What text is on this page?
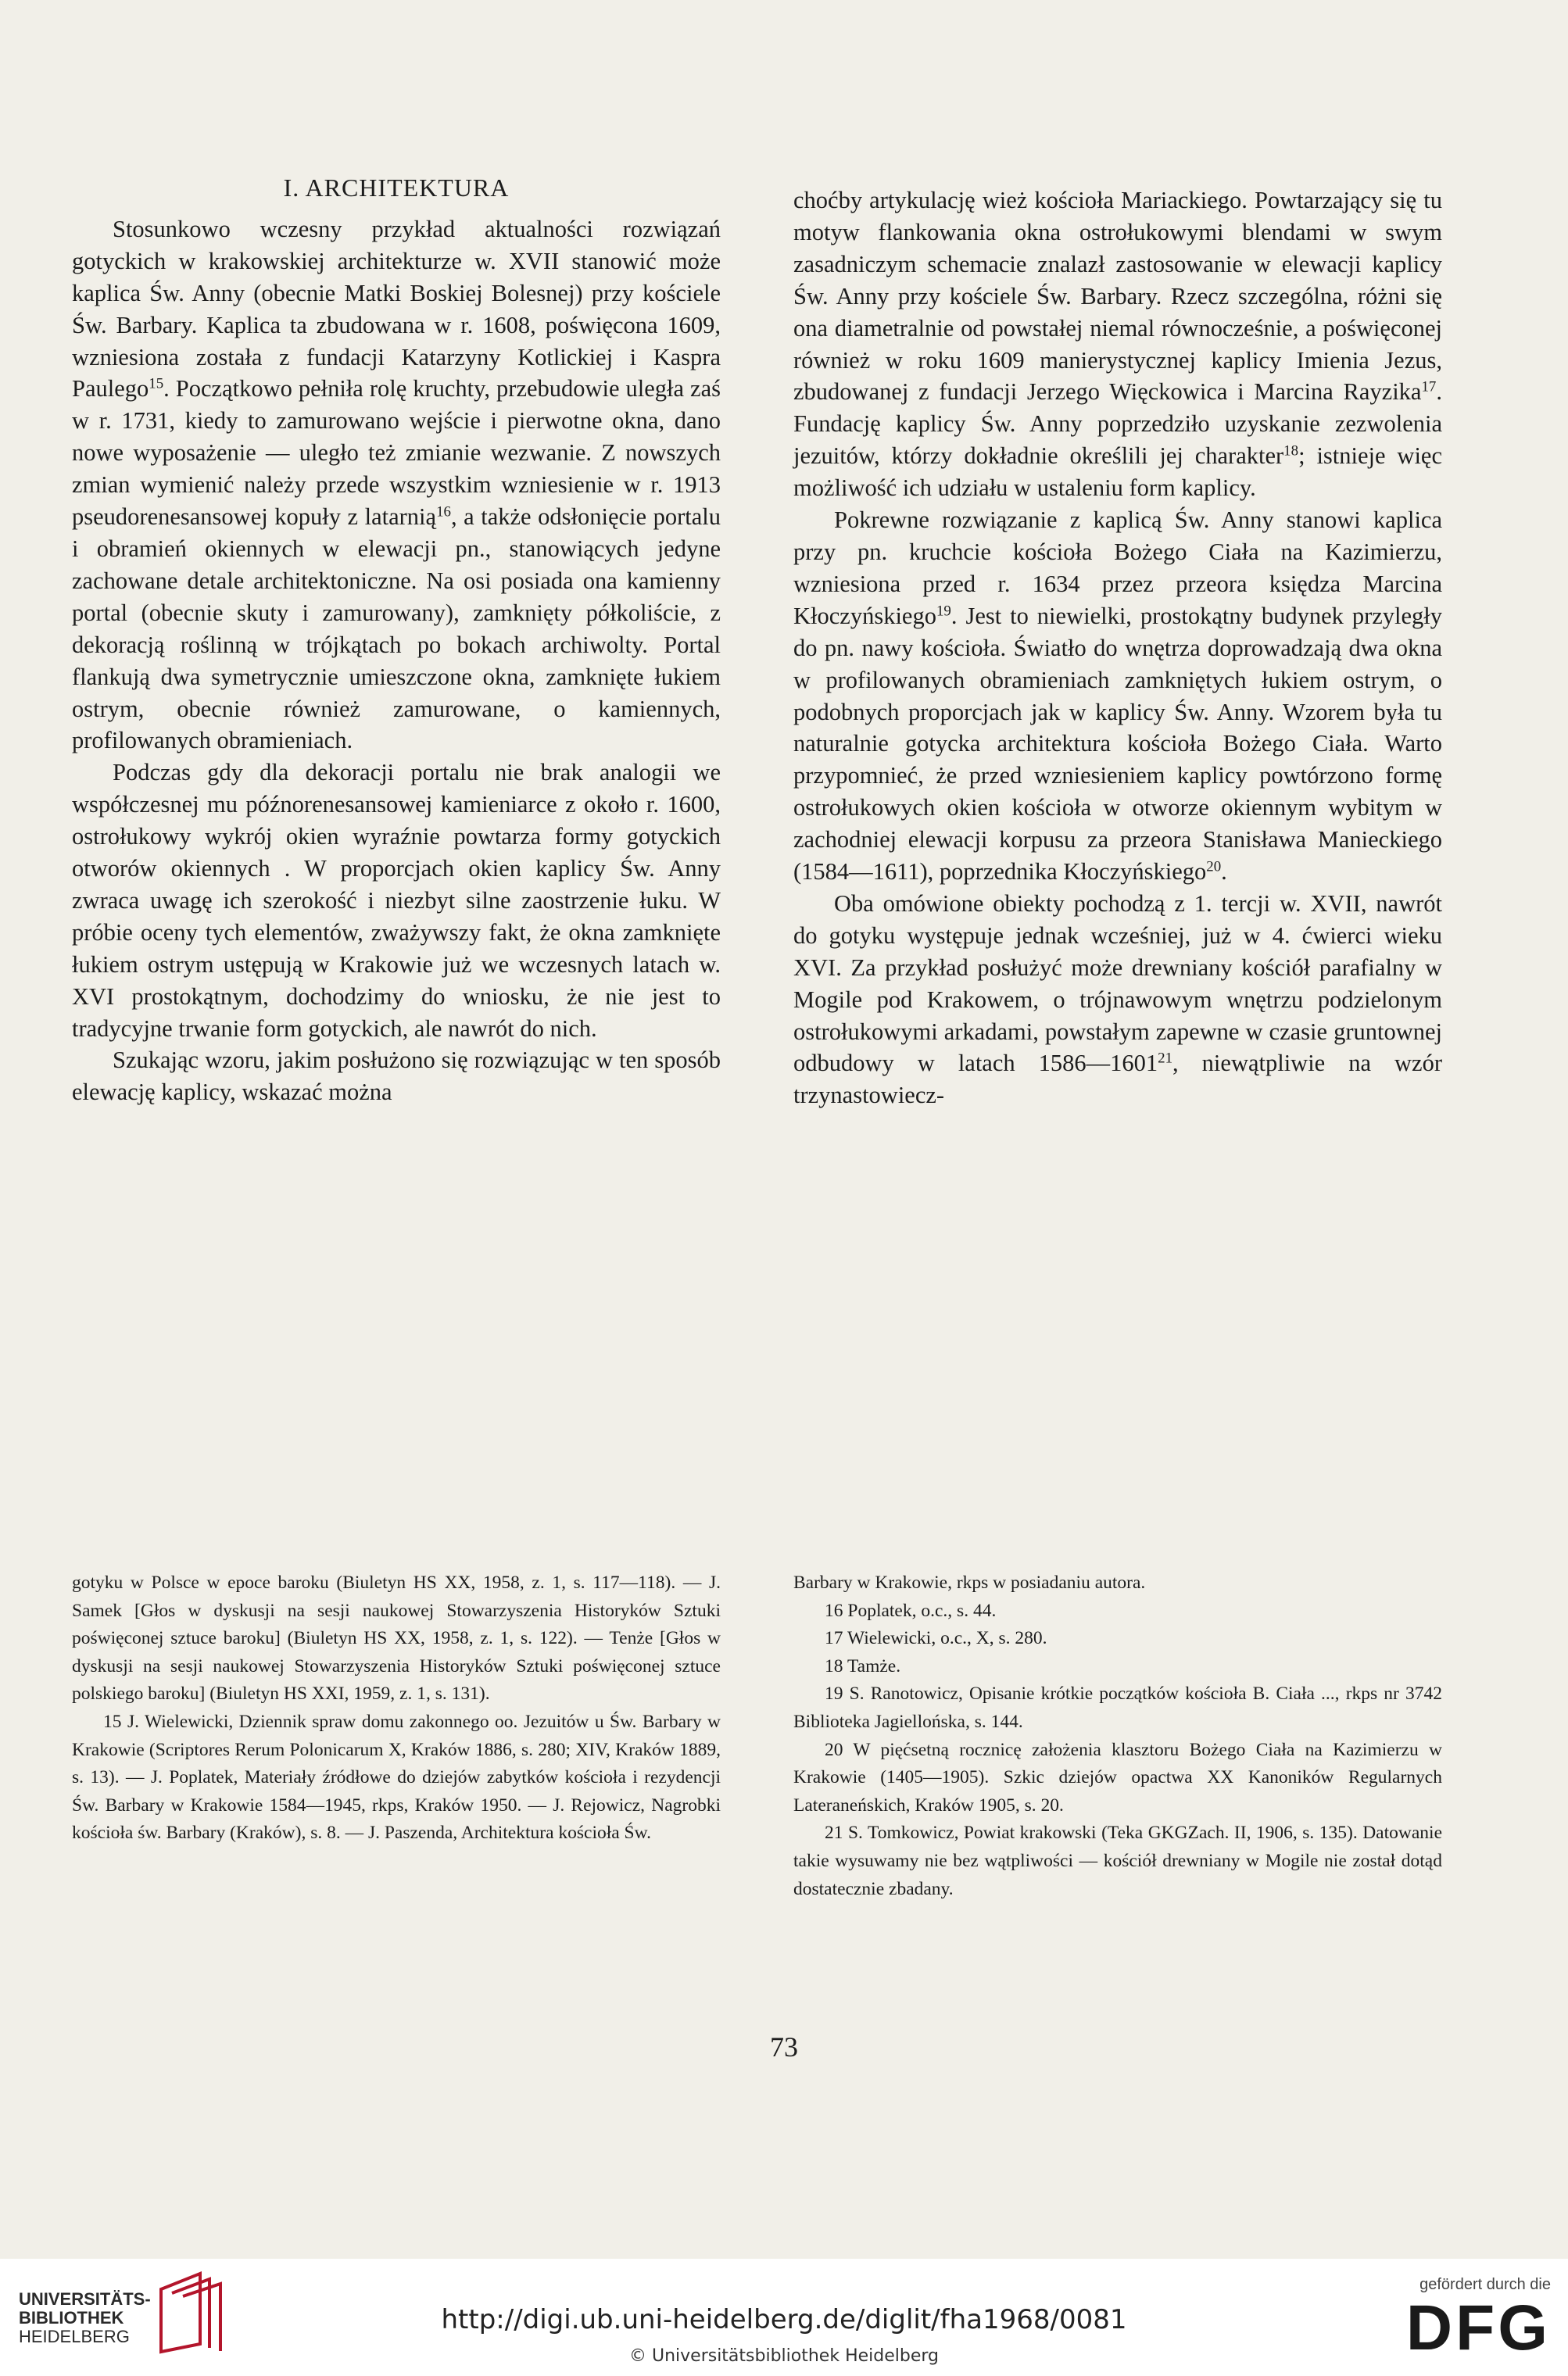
I. ARCHITEKTURA

Stosunkowo wczesny przykład aktualności rozwiązań gotyckich w krakowskiej architekturze w. XVII stanowić może kaplica Św. Anny (obecnie Matki Boskiej Bolesnej) przy kościele Św. Barbary. Kaplica ta zbudowana w r. 1608, poświęcona 1609, wzniesiona została z fundacji Katarzyny Kotlickiej i Kaspra Paulego$^{15}$. Początkowo pełniła rolę kruchty, przebudowie uległa zaś w r. 1731, kiedy to zamurowano wejście i pierwotne okna, dano nowe wyposażenie — uległo też zmianie wezwanie. Z nowszych zmian wymienić należy przede wszystkim wzniesienie w r. 1913 pseudorenesansowej kopuły z latarnią$^{16}$, a także odsłonięcie portalu i obramień okiennych w elewacji pn., stanowiących jedyne zachowane detale architektoniczne. Na osi posiada ona kamienny portal (obecnie skuty i zamurowany), zamknięty półkoliście, z dekoracją roślinną w trójkątach po bokach archiwolty. Portal flankują dwa symetrycznie umieszczone okna, zamknięte łukiem ostrym, obecnie również zamurowane, o kamiennych, profilowanych obramieniach.

Podczas gdy dla dekoracji portalu nie brak analogii we współczesnej mu późnorenesansowej kamieniarce z około r. 1600, ostrołukowy wykrój okien wyraźnie powtarza formy gotyckich otworów okiennych . W proporcjach okien kaplicy Św. Anny zwraca uwagę ich szerokość i niezbyt silne zaostrzenie łuku. W próbie oceny tych elementów, zważywszy fakt, że okna zamknięte łukiem ostrym ustępują w Krakowie już we wczesnych latach w. XVI prostokątnym, dochodzimy do wniosku, że nie jest to tradycyjne trwanie form gotyckich, ale nawrót do nich.

Szukając wzoru, jakim posłużono się rozwiązując w ten sposób elewację kaplicy, wskazać można

choćby artykulację wież kościoła Mariackiego. Powtarzający się tu motyw flankowania okna ostrołukowymi blendami w swym zasadniczym schemacie znalazł zastosowanie w elewacji kaplicy Św. Anny przy kościele Św. Barbary. Rzecz szczególna, różni się ona diametralnie od powstałej niemal równocześnie, a poświęconej również w roku 1609 manierystycznej kaplicy Imienia Jezus, zbudowanej z fundacji Jerzego Więckowica i Marcina Rayzika$^{17}$. Fundację kaplicy Św. Anny poprzedziło uzyskanie zezwolenia jezuitów, którzy dokładnie określili jej charakter$^{18}$; istnieje więc możliwość ich udziału w ustaleniu form kaplicy.

Pokrewne rozwiązanie z kaplicą Św. Anny stanowi kaplica przy pn. kruchcie kościoła Bożego Ciała na Kazimierzu, wzniesiona przed r. 1634 przez przeora księdza Marcina Kłoczyńskiego$^{19}$. Jest to niewielki, prostokątny budynek przyległy do pn. nawy kościoła. Światło do wnętrza doprowadzają dwa okna w profilowanych obramieniach zamkniętych łukiem ostrym, o podobnych proporcjach jak w kaplicy Św. Anny. Wzorem była tu naturalnie gotycka architektura kościoła Bożego Ciała. Warto przypomnieć, że przed wzniesieniem kaplicy powtórzono formę ostrołukowych okien kościoła w otworze okiennym wybitym w zachodniej elewacji korpusu za przeora Stanisława Manieckiego (1584—1611), poprzednika Kłoczyńskiego$^{20}$.

Oba omówione obiekty pochodzą z 1. tercji w. XVII, nawrót do gotyku występuje jednak wcześniej, już w 4. ćwierci wieku XVI. Za przykład posłużyć może drewniany kościół parafialny w Mogile pod Krakowem, o trójnawowym wnętrzu podzielonym ostrołukowymi arkadami, powstałym zapewne w czasie gruntownej odbudowy w latach 1586—1601$^{21}$, niewątpliwie na wzór trzynastowiecz-

gotyku w Polsce w epoce baroku (Biuletyn HS XX, 1958, z. 1, s. 117—118). — J. Samek [Głos w dyskusji na sesji naukowej Stowarzyszenia Historyków Sztuki poświęconej sztuce baroku] (Biuletyn HS XX, 1958, z. 1, s. 122). — Tenże [Głos w dyskusji na sesji naukowej Stowarzyszenia Historyków Sztuki poświęconej sztuce polskiego baroku] (Biuletyn HS XXI, 1959, z. 1, s. 131).

15 J. Wielewicki, Dziennik spraw domu zakonnego oo. Jezuitów u Św. Barbary w Krakowie (Scriptores Rerum Polonicarum X, Kraków 1886, s. 280; XIV, Kraków 1889, s. 13). — J. Poplatek, Materiały źródłowe do dziejów zabytków kościoła i rezydencji Św. Barbary w Krakowie 1584—1945, rkps, Kraków 1950. — J. Rejowicz, Nagrobki kościoła św. Barbary (Kraków), s. 8. — J. Paszenda, Architektura kościoła Św.

Barbary w Krakowie, rkps w posiadaniu autora.

16 Poplatek, o.c., s. 44.

17 Wielewicki, o.c., X, s. 280.

18 Tamże.

19 S. Ranotowicz, Opisanie krótkie początków kościoła B. Ciała ..., rkps nr 3742 Biblioteka Jagiellońska, s. 144.

20 W pięćsetną rocznicę założenia klasztoru Bożego Ciała na Kazimierzu w Krakowie (1405—1905). Szkic dziejów opactwa XX Kanoników Regularnych Lateraneńskich, Kraków 1905, s. 20.

21 S. Tomkowicz, Powiat krakowski (Teka GKGZach. II, 1906, s. 135). Datowanie takie wysuwamy nie bez wątpliwości — kościół drewniany w Mogile nie został dotąd dostatecznie zbadany.

73
UNIVERSITÄTS-
BIBLIOTHEK
HEIDELBERG
http://digi.ub.uni-heidelberg.de/diglit/fha1968/0081
© Universitätsbibliothek Heidelberg
gefördert durch die
DFG
